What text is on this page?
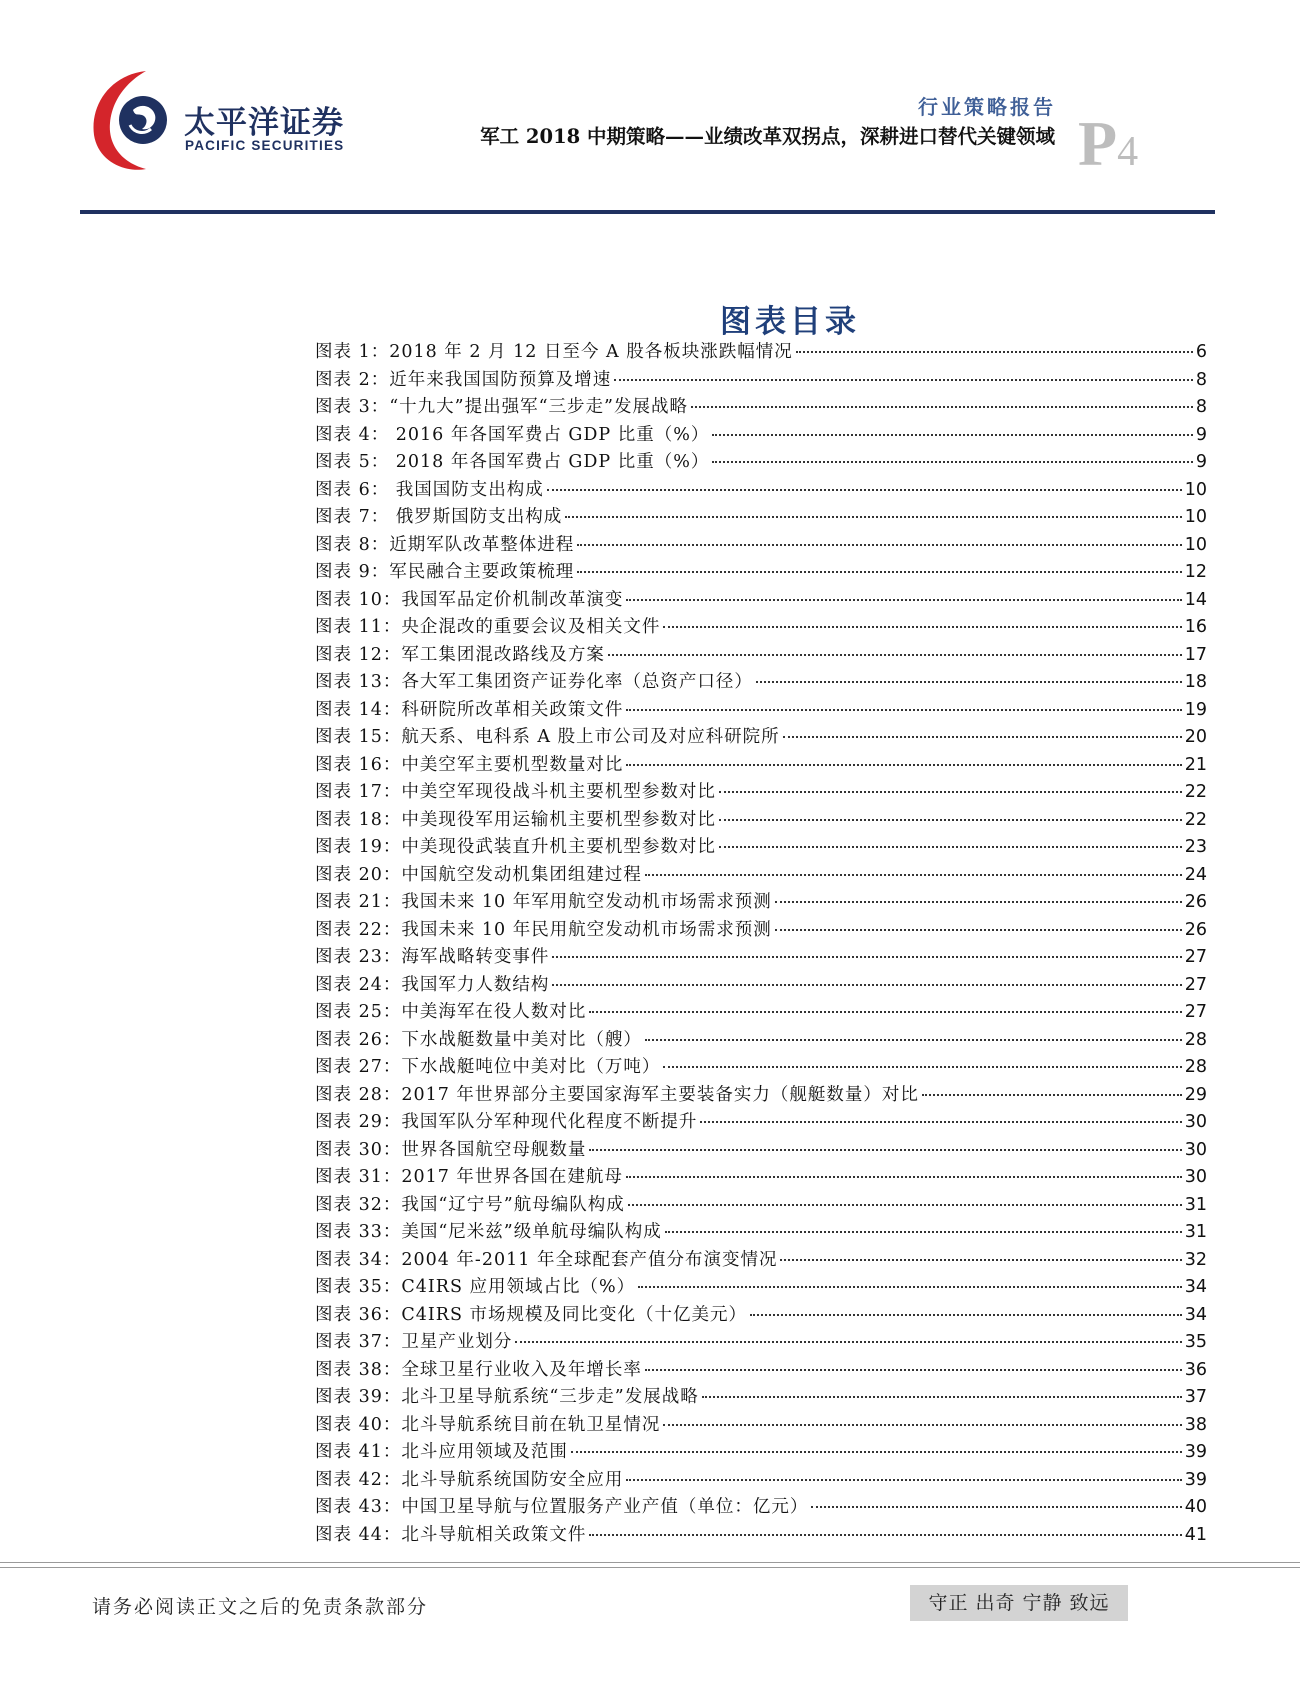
太平洋证券
PACIFIC SECURITIES
行业策略报告
军工 2018 中期策略——业绩改革双拐点，深耕进口替代关键领域 P4
图表目录
图表 1：2018 年 2 月 12 日至今 A 股各板块涨跌幅情况	6
图表 2：近年来我国国防预算及增速	8
图表 3：“十九大”提出强军“三步走”发展战略	8
图表 4： 2016 年各国军费占 GDP 比重（%）	9
图表 5： 2018 年各国军费占 GDP 比重（%）	9
图表 6： 我国国防支出构成	10
图表 7： 俄罗斯国防支出构成	10
图表 8：近期军队改革整体进程	10
图表 9：军民融合主要政策梳理	12
图表 10：我国军品定价机制改革演变	14
图表 11：央企混改的重要会议及相关文件	16
图表 12：军工集团混改路线及方案	17
图表 13：各大军工集团资产证券化率（总资产口径）	18
图表 14：科研院所改革相关政策文件	19
图表 15：航天系、电科系 A 股上市公司及对应科研院所	20
图表 16：中美空军主要机型数量对比	21
图表 17：中美空军现役战斗机主要机型参数对比	22
图表 18：中美现役军用运输机主要机型参数对比	22
图表 19：中美现役武装直升机主要机型参数对比	23
图表 20：中国航空发动机集团组建过程	24
图表 21：我国未来 10 年军用航空发动机市场需求预测	26
图表 22：我国未来 10 年民用航空发动机市场需求预测	26
图表 23：海军战略转变事件	27
图表 24：我国军力人数结构	27
图表 25：中美海军在役人数对比	27
图表 26：下水战艇数量中美对比（艘）	28
图表 27：下水战艇吨位中美对比（万吨）	28
图表 28：2017 年世界部分主要国家海军主要装备实力（舰艇数量）对比	29
图表 29：我国军队分军种现代化程度不断提升	30
图表 30：世界各国航空母舰数量	30
图表 31：2017 年世界各国在建航母	30
图表 32：我国“辽宁号”航母编队构成	31
图表 33：美国“尼米兹”级单航母编队构成	31
图表 34：2004 年-2011 年全球配套产值分布演变情况	32
图表 35：C4IRS 应用领域占比（%）	34
图表 36：C4IRS 市场规模及同比变化（十亿美元）	34
图表 37：卫星产业划分	35
图表 38：全球卫星行业收入及年增长率	36
图表 39：北斗卫星导航系统“三步走”发展战略	37
图表 40：北斗导航系统目前在轨卫星情况	38
图表 41：北斗应用领域及范围	39
图表 42：北斗导航系统国防安全应用	39
图表 43：中国卫星导航与位置服务产业产值（单位：亿元）	40
图表 44：北斗导航相关政策文件	41
请务必阅读正文之后的免责条款部分	守正 出奇 宁静 致远
